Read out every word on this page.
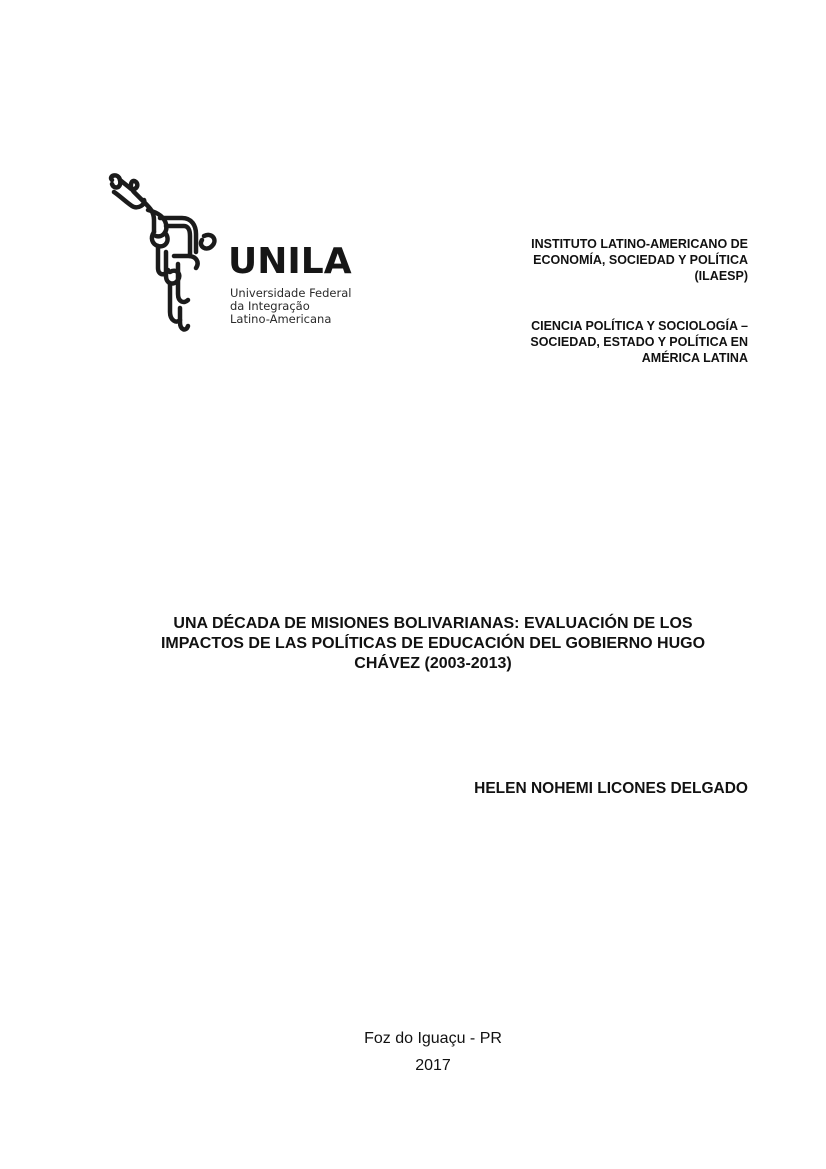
UNILA
Universidade Federal
da Integração
Latino-Americana
INSTITUTO LATINO-AMERICANO DE
ECONOMÍA, SOCIEDAD Y POLÍTICA
(ILAESP)
CIENCIA POLÍTICA Y SOCIOLOGÍA –
SOCIEDAD, ESTADO Y POLÍTICA EN
AMÉRICA LATINA
UNA DÉCADA DE MISIONES BOLIVARIANAS: EVALUACIÓN DE LOS
IMPACTOS DE LAS POLÍTICAS DE EDUCACIÓN DEL GOBIERNO HUGO
CHÁVEZ (2003-2013)
HELEN NOHEMI LICONES DELGADO
Foz do Iguaçu - PR
2017
